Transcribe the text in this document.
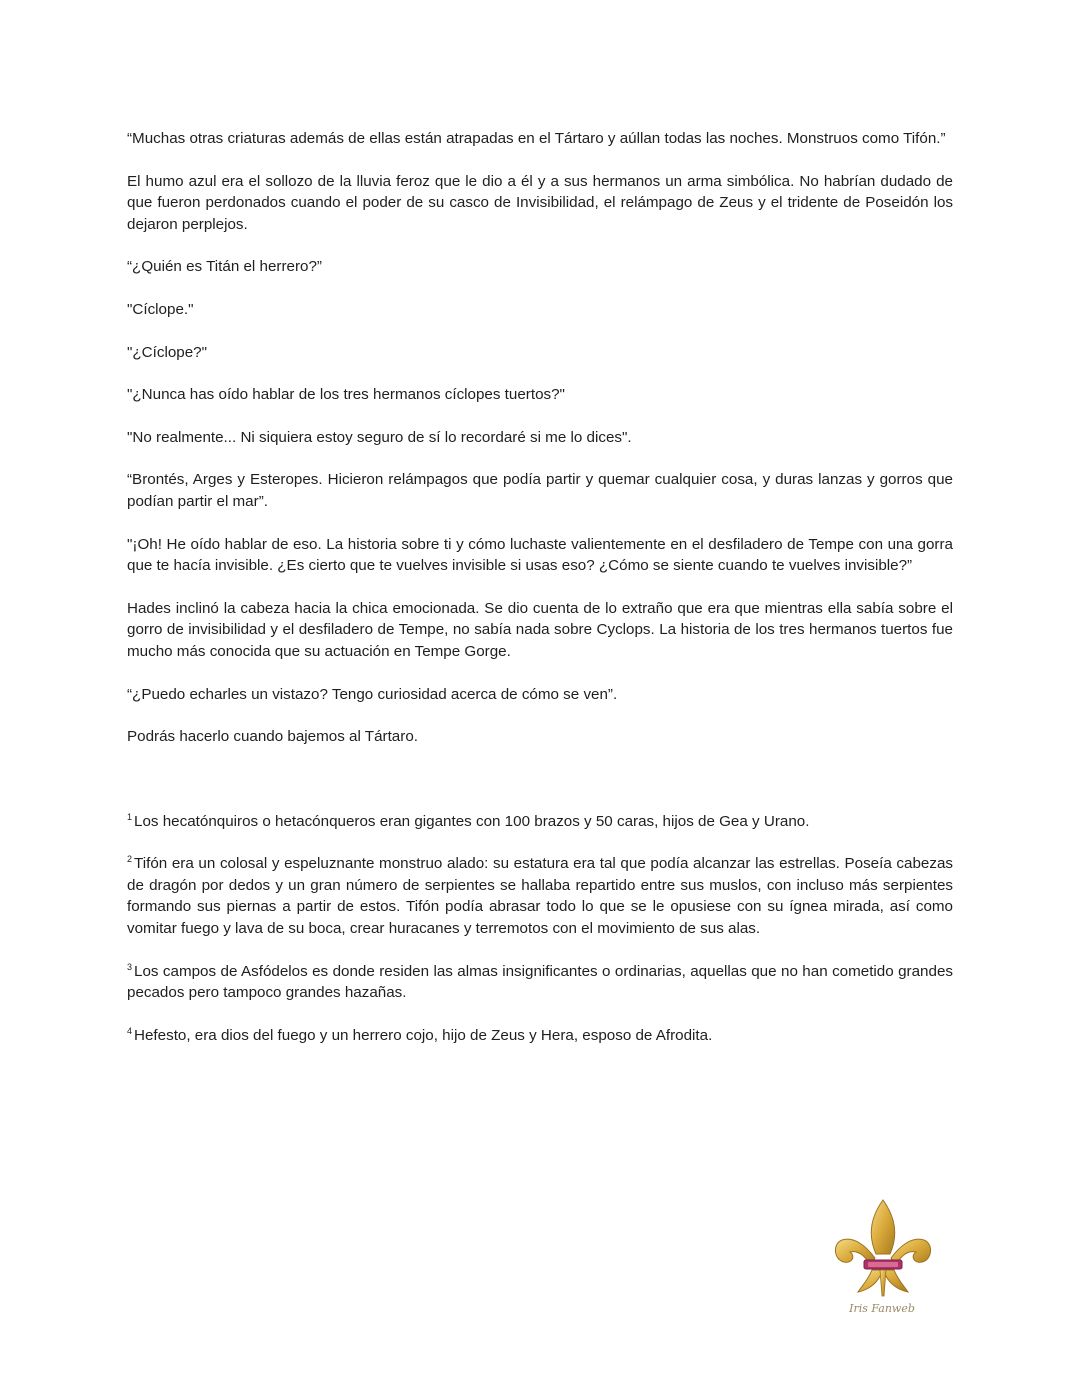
“Muchas otras criaturas además de ellas están atrapadas en el Tártaro y aúllan todas las noches. Monstruos como Tifón.”

El humo azul era el sollozo de la lluvia feroz que le dio a él y a sus hermanos un arma simbólica. No habrían dudado de que fueron perdonados cuando el poder de su casco de Invisibilidad, el relámpago de Zeus y el tridente de Poseidón los dejaron perplejos.

“¿Quién es Titán el herrero?”

"Cíclope."

"¿Cíclope?"

"¿Nunca has oído hablar de los tres hermanos cíclopes tuertos?"

"No realmente... Ni siquiera estoy seguro de sí lo recordaré si me lo dices".

“Brontés, Arges y Esteropes. Hicieron relámpagos que podía partir y quemar cualquier cosa, y duras lanzas y gorros que podían partir el mar”.

"¡Oh! He oído hablar de eso. La historia sobre ti y cómo luchaste valientemente en el desfiladero de Tempe con una gorra que te hacía invisible. ¿Es cierto que te vuelves invisible si usas eso? ¿Cómo se siente cuando te vuelves invisible?”

Hades inclinó la cabeza hacia la chica emocionada. Se dio cuenta de lo extraño que era que mientras ella sabía sobre el gorro de invisibilidad y el desfiladero de Tempe, no sabía nada sobre Cyclops. La historia de los tres hermanos tuertos fue mucho más conocida que su actuación en Tempe Gorge.

“¿Puedo echarles un vistazo? Tengo curiosidad acerca de cómo se ven”.

Podrás hacerlo cuando bajemos al Tártaro.

$^1$ Los hecatónquiros o hetacónqueros eran gigantes con 100 brazos y 50 caras, hijos de Gea y Urano.

$^2$ Tifón era un colosal y espeluznante monstruo alado: su estatura era tal que podía alcanzar las estrellas. Poseía cabezas de dragón por dedos y un gran número de serpientes se hallaba repartido entre sus muslos, con incluso más serpientes formando sus piernas a partir de estos. Tifón podía abrasar todo lo que se le opusiese con su ígnea mirada, así como vomitar fuego y lava de su boca, crear huracanes y terremotos con el movimiento de sus alas.

$^3$ Los campos de Asfódelos es donde residen las almas insignificantes o ordinarias, aquellas que no han cometido grandes pecados pero tampoco grandes hazañas.

$^4$ Hefesto, era dios del fuego y un herrero cojo, hijo de Zeus y Hera, esposo de Afrodita.

Iris Fanweb
